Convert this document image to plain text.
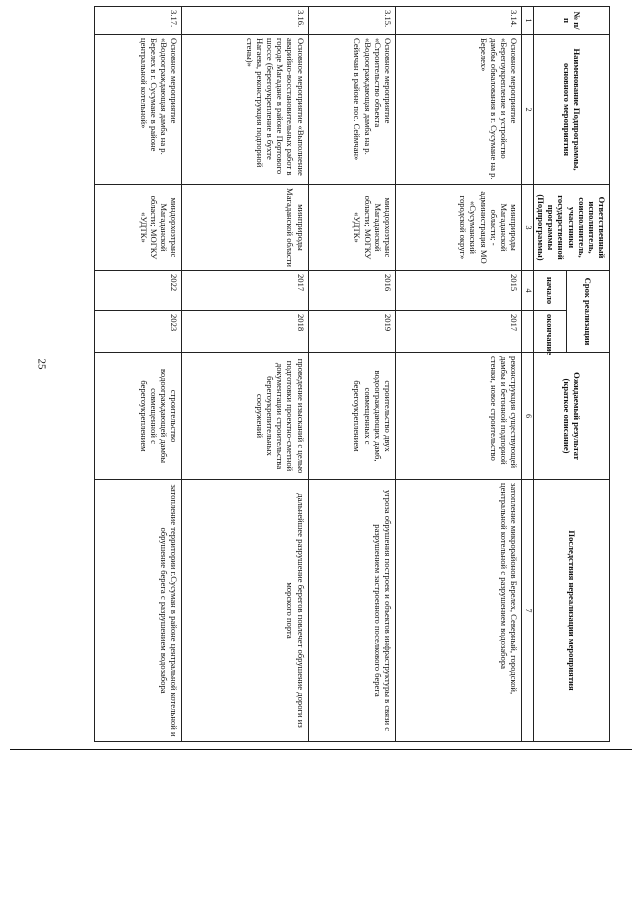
25
№ п/п	Наименование Подпрограммы, основного мероприятия	Ответственный исполнитель, соисполнитель, участники государственной программы (Подпрограммы)	Срок реализации		Ожидаемый результат (краткое описание)	Последствия нереализации мероприятия
			начало	окончание		
1	2	3	4		6	7
3.14.	Основное мероприятие «Берегоукрепление и устройство дамбы обвалования в г. Сусумане на р. Берелех»	минприроды Магаданской области; - администрация МО «Сусуманский городской округ»	2015	2017	реконструкция существующей дамбы и бетонной подпорной стенки, новое строительство	затопление микрорайонов Берелех, Северный, городской, центральной котельной с разрушением водозабора
3.15.	Основное мероприятие «Строительство объекта «Водоограждающая дамба на р. Сеймчан в районе пос. Сеймчан»	миндорхозтранс Магаданской области; МОГКУ «УДТК»	2016	2019	строительство двух водоограждающих дамб, совмещенных с берегоукреплением	угроза обрушения построек и объектов инфраструктуры в связи с разрушением застроенного поселкового берега
3.16.	Основное мероприятие «Выполнение аварийно-восстановительных работ в городе Магадане в районе Портового шоссе (берегоукрепление в бухте Нагаева, реконструкция подпорной стены)»	минприроды Магаданской области	2017	2018	проведение изысканий с целью подготовки проектно-сметной документации строительства берегоукрепительных сооружений	дальнейшее разрушение берегов повлечет обрушение дороги из морского порта
3.17.	Основное мероприятие «Водоограждающая дамба на р. Берелех в г. Сусумане в районе центральной котельной»	миндорхозтранс Магаданской области; МОГКУ «УДТК»	2022	2023	строительство водоограждающей дамбы совмещенной с берегоукреплением	затопление территории г.Сусуман в районе центральной котельной и обрушение берега с разрушением водозабора
